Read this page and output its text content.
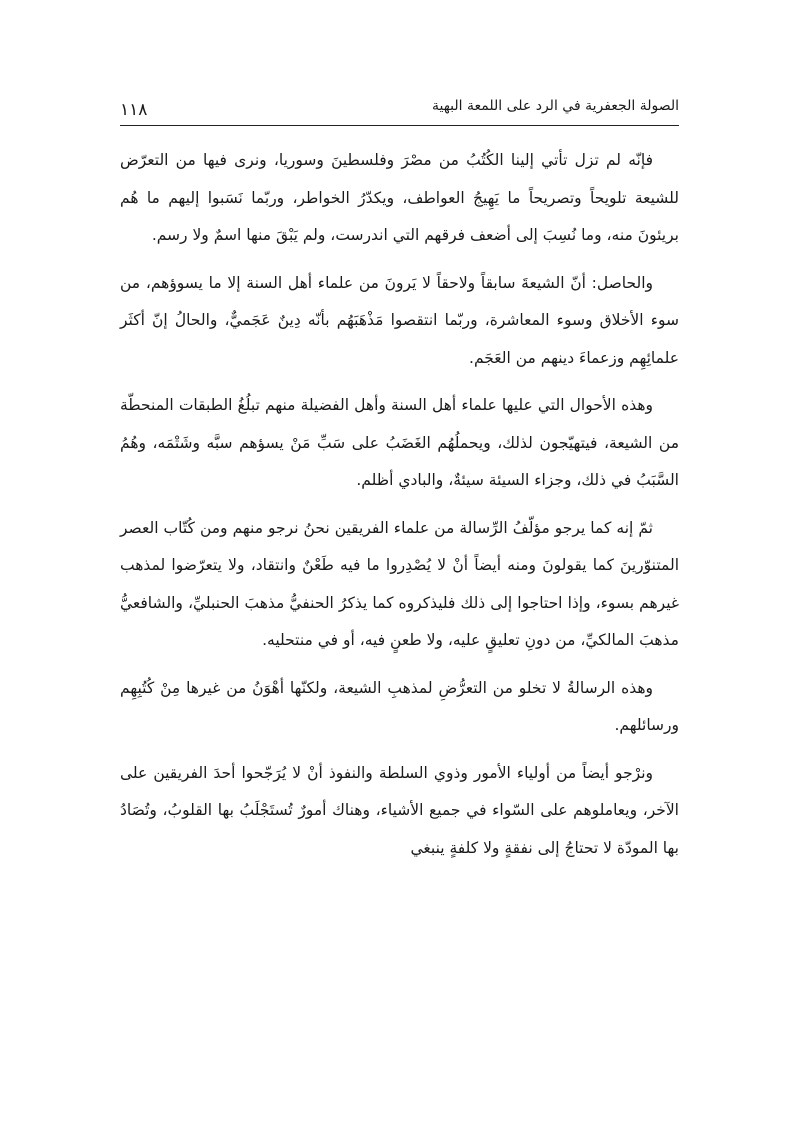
١١٨	الصولة الجعفرية في الرد على اللمعة البهية

فإنّه لم تزل تأتي إلينا الكُتُبُ من مصْرَ وفلسطينَ وسوريا، ونرى فيها من التعرّض للشيعة تلويحاً وتصريحاً ما يَهِيجُ العواطف، ويكدّرُ الخواطر، وربّما نَسَبوا إليهم ما هُم بريئونَ منه، وما نُسِبَ إلى أضعف فرقهم التي اندرست، ولم يَبْقَ منها اسمٌ ولا رسم.

والحاصل: أنّ الشيعةَ سابقاً ولاحقاً لا يَرونَ من علماء أهل السنة إلا ما يسوؤهم، من سوء الأخلاق وسوء المعاشرة، وربّما انتقصوا مَذْهَبَهُم بأنّه دِينٌ عَجَميٌّ، والحالُ إنّ أكثَر علمائِهِم وزعماءَ دينهم من العَجَم.

وهذه الأحوال التي عليها علماء أهل السنة وأهل الفضيلة منهم تبلُغُ الطبقات المنحطّة من الشيعة، فيتهيّجون لذلك، ويحملُهُم الغَضَبُ على سَبِّ مَنْ يسؤهم سبَّه وشَتْمَه، وهُمُ السَّبَبُ في ذلك، وجزاء السيئة سيئةٌ، والبادي أظلم.

ثمّ إنه كما يرجو مؤلّفُ الرِّسالة من علماء الفريقين نحنُ نرجو منهم ومن كُتّاب العصر المتنوّرينَ كما يقولونَ ومنه أيضاً أنْ لا يُصْدِروا ما فيه طَعْنٌ وانتقاد، ولا يتعرّضوا لمذهب غيرهم بسوء، وإذا احتاجوا إلى ذلك فليذكروه كما يذكرُ الحنفيُّ مذهبَ الحنبليِّ، والشافعيُّ مذهبَ المالكيِّ، من دونِ تعليقٍ عليه، ولا طعنٍ فيه، أو في منتحليه.

وهذه الرسالةُ لا تخلو من التعرُّضِ لمذهبِ الشيعة، ولكنّها أهْوَنُ من غيرها مِنْ كُتُبِهِم ورسائلهم.

ونرْجو أيضاً من أولياء الأمور وذوي السلطة والنفوذ أنْ لا يُرَجّحوا أحدَ الفريقين على الآخر، ويعاملوهم على السّواء في جميع الأشياء، وهناك أمورٌ تُستَجْلَبُ بها القلوبُ، وتُصَادُ بها المودّة لا تحتاجُ إلى نفقةٍ ولا كلفةٍ ينبغي
